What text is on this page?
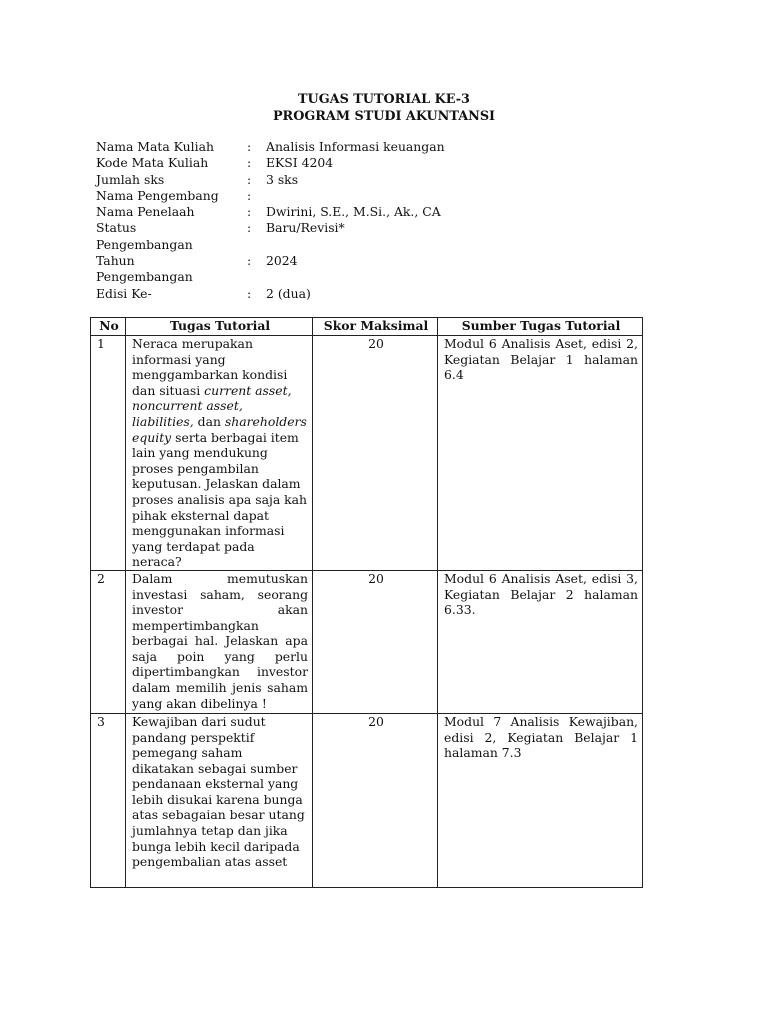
TUGAS TUTORIAL KE-3
PROGRAM STUDI AKUNTANSI
Nama Mata Kuliah	: Analisis Informasi keuangan
Kode Mata Kuliah	: EKSI 4204
Jumlah sks	: 3 sks
Nama Pengembang	:
Nama Penelaah	: Dwirini, S.E., M.Si., Ak., CA
Status Pengembangan
: Baru/Revisi*
Tahun Pengembangan
: 2024
Edisi Ke-	: 2 (dua)
No	Tugas Tutorial	Skor Maksimal	Sumber Tugas Tutorial
1	Neraca merupakan informasi yang menggambarkan kondisi dan situasi current asset, noncurrent asset, liabilities, dan shareholders equity serta berbagai item lain yang mendukung proses pengambilan keputusan. Jelaskan dalam proses analisis apa saja kah pihak eksternal dapat menggunakan informasi yang terdapat pada neraca?	20	Modul 6 Analisis Aset, edisi 2, Kegiatan Belajar 1 halaman 6.4
2	Dalam memutuskan investasi saham, seorang investor akan mempertimbangkan berbagai hal. Jelaskan apa saja poin yang perlu dipertimbangkan investor dalam memilih jenis saham yang akan dibelinya !	20	Modul 6 Analisis Aset, edisi 3, Kegiatan Belajar 2 halaman 6.33.
3	Kewajiban dari sudut pandang perspektif pemegang saham dikatakan sebagai sumber pendanaan eksternal yang lebih disukai karena bunga atas sebagaian besar utang jumlahnya tetap dan jika bunga lebih kecil daripada pengembalian atas asset	20	Modul 7 Analisis Kewajiban, edisi 2, Kegiatan Belajar 1 halaman 7.3
